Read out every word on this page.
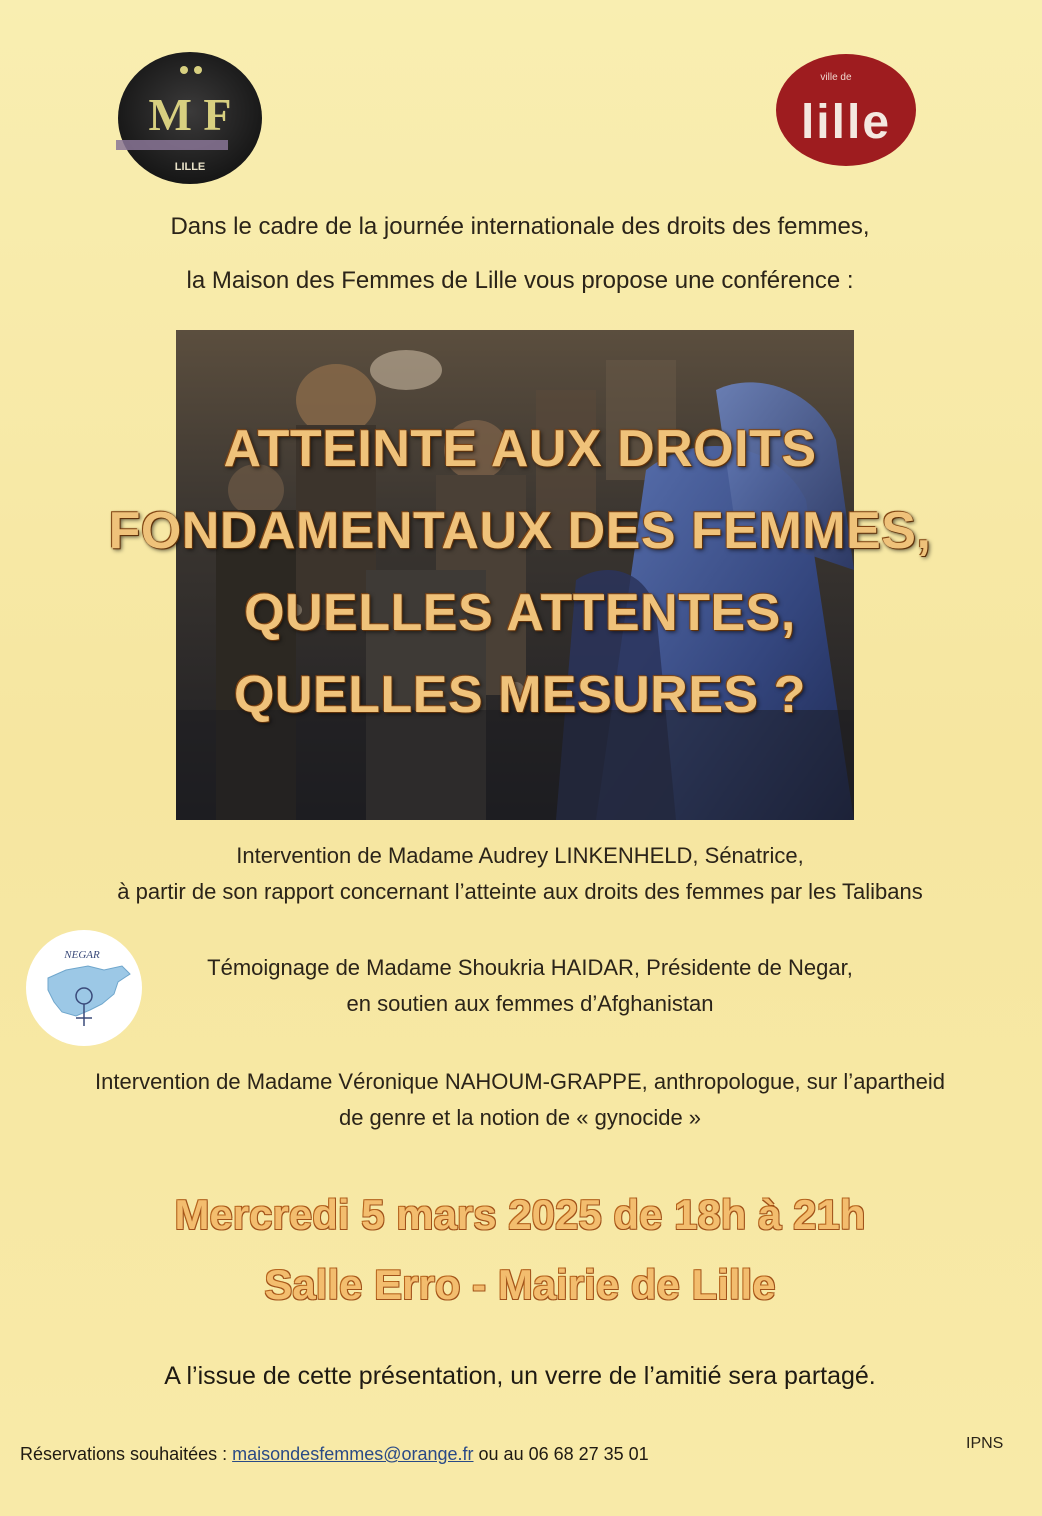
M F
LILLE
ville de
lille
Dans le cadre de la journée internationale des droits des femmes,
la Maison des Femmes de Lille vous propose une conférence :
ATTEINTE AUX DROITS
FONDAMENTAUX DES FEMMES,
QUELLES ATTENTES,
QUELLES MESURES ?
Intervention de Madame Audrey LINKENHELD, Sénatrice,
à partir de son rapport concernant l’atteinte aux droits des femmes par les Talibans
NEGAR	Témoignage de Madame Shoukria HAIDAR, Présidente de Negar,
en soutien aux femmes d’Afghanistan
Intervention de Madame Véronique NAHOUM-GRAPPE, anthropologue, sur l’apartheid
de genre et la notion de « gynocide »
Mercredi 5 mars 2025 de 18h à 21h
Salle Erro - Mairie de Lille
A l’issue de cette présentation, un verre de l’amitié sera partagé.
Réservations souhaitées : maisondesfemmes@orange.fr ou au 06 68 27 35 01
IPNS
